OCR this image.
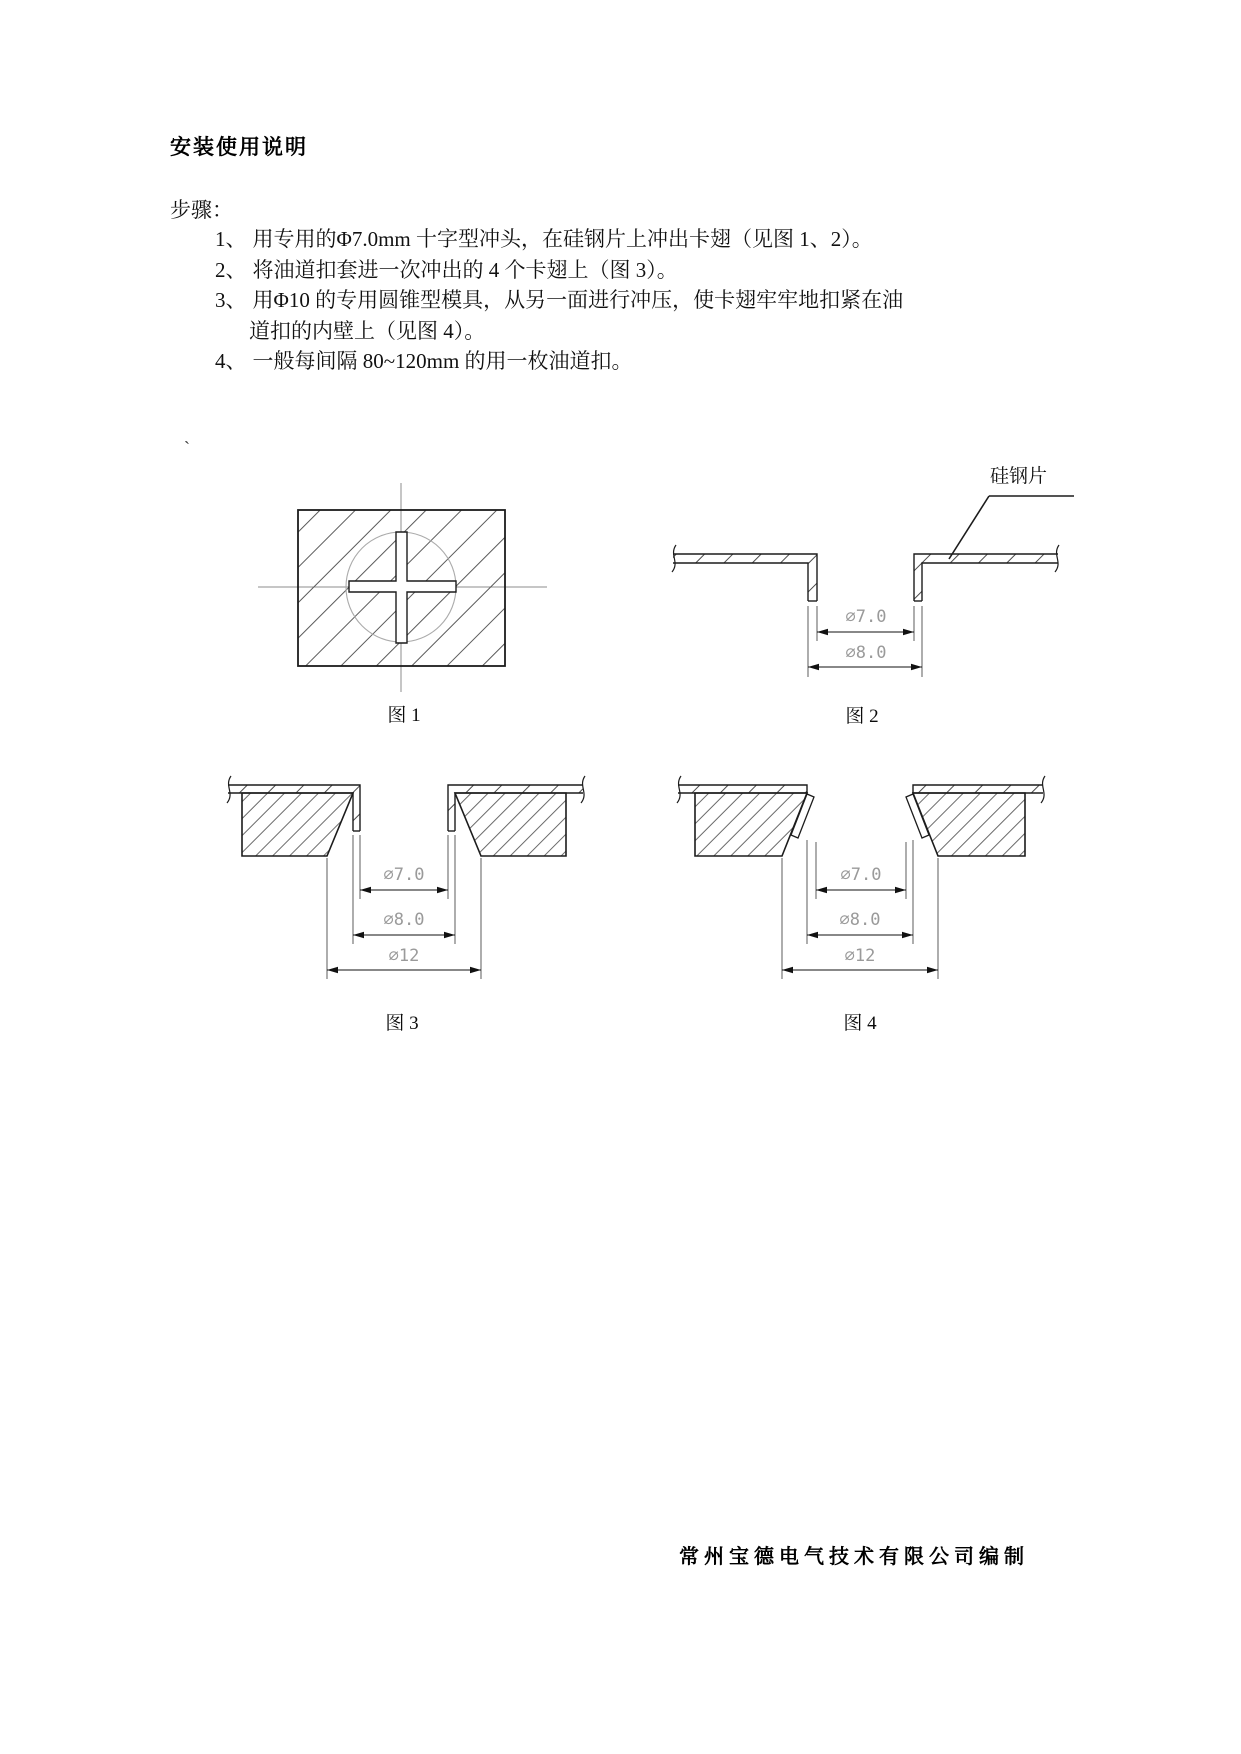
安装使用说明
步骤：
1、 用专用的Φ7.0mm 十字型冲头，在硅钢片上冲出卡翅（见图 1、2）。
2、 将油道扣套进一次冲出的 4 个卡翅上（图 3）。
3、 用Φ10 的专用圆锥型模具，从另一面进行冲压，使卡翅牢牢地扣紧在油
道扣的内壁上（见图 4）。
4、 一般每间隔 80~120mm 的用一枚油道扣。
`
图 1
∅7.0
∅8.0
硅钢片
图 2
∅7.0
∅8.0
∅12
图 3
∅7.0
∅8.0
∅12
图 4
常州宝德电气技术有限公司编制
